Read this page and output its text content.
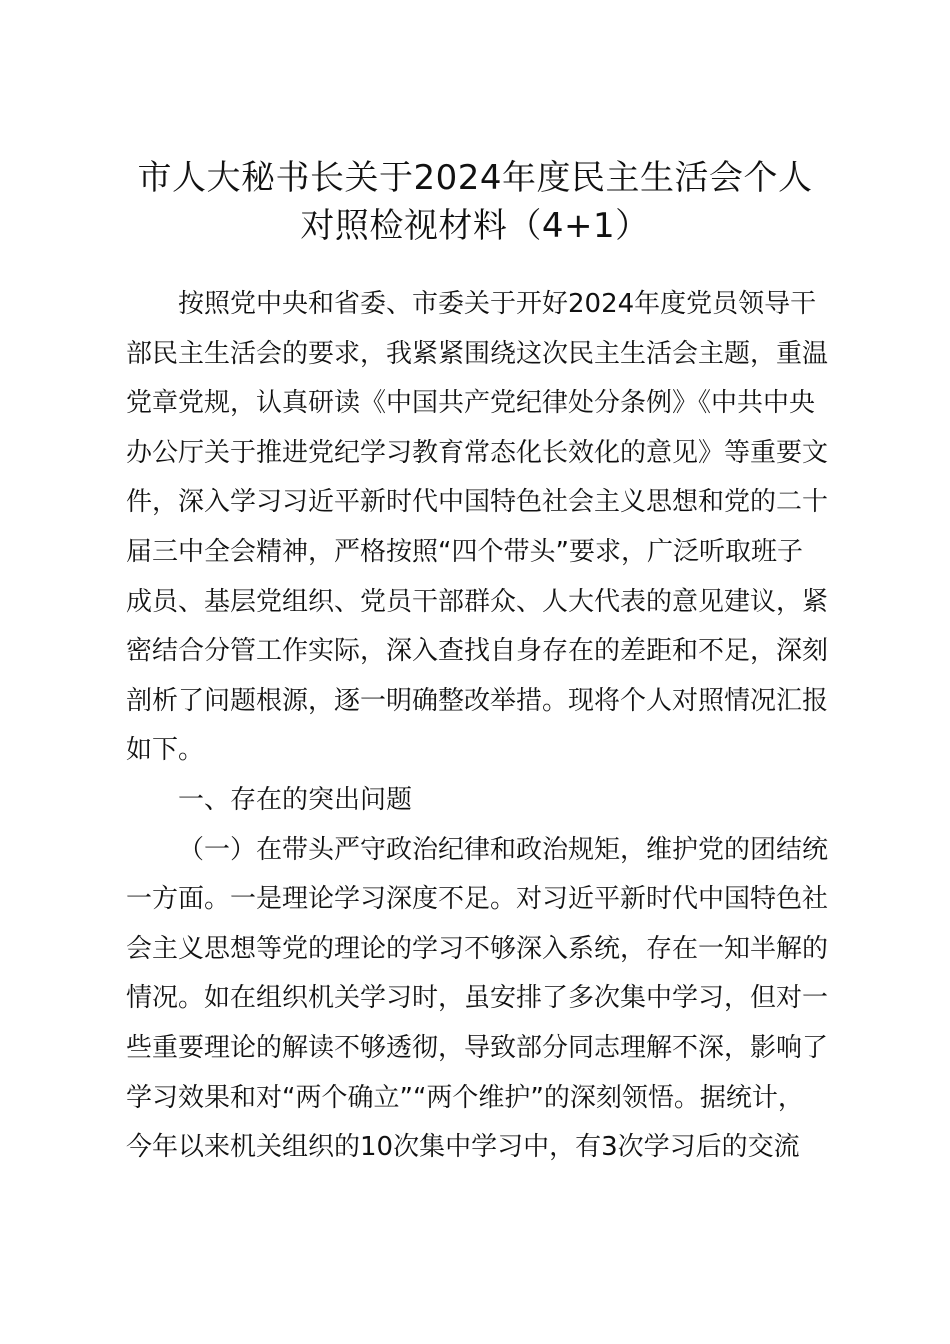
市人大秘书长关于2024年度民主生活会个人
对照检视材料（4+1）
按照党中央和省委、市委关于开好2024年度党员领导干
部民主生活会的要求，我紧紧围绕这次民主生活会主题，重温
党章党规，认真研读《中国共产党纪律处分条例》《中共中央
办公厅关于推进党纪学习教育常态化长效化的意见》等重要文
件，深入学习习近平新时代中国特色社会主义思想和党的二十
届三中全会精神，严格按照“四个带头”要求，广泛听取班子
成员、基层党组织、党员干部群众、人大代表的意见建议，紧
密结合分管工作实际，深入查找自身存在的差距和不足，深刻
剖析了问题根源，逐一明确整改举措。现将个人对照情况汇报
如下。
一、存在的突出问题
（一）在带头严守政治纪律和政治规矩，维护党的团结统
一方面。一是理论学习深度不足。对习近平新时代中国特色社
会主义思想等党的理论的学习不够深入系统，存在一知半解的
情况。如在组织机关学习时，虽安排了多次集中学习，但对一
些重要理论的解读不够透彻，导致部分同志理解不深，影响了
学习效果和对“两个确立”“两个维护”的深刻领悟。据统计，
今年以来机关组织的10次集中学习中，有3次学习后的交流
